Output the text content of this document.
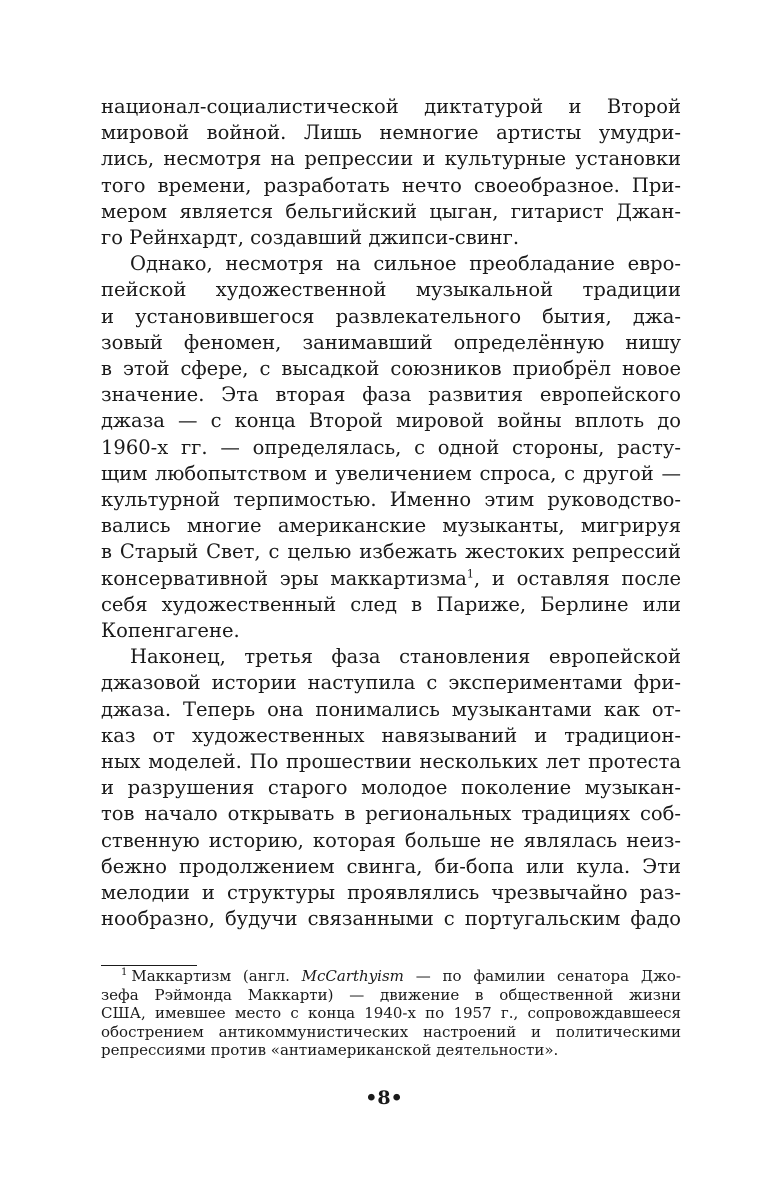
национал-социалистической диктатурой и Второй
мировой войной. Лишь немногие артисты умудри-
лись, несмотря на репрессии и культурные установки
того времени, разработать нечто своеобразное. При-
мером является бельгийский цыган, гитарист Джан-
го Рейнхардт, создавший джипси-свинг.
Однако, несмотря на сильное преобладание евро-
пейской художественной музыкальной традиции
и установившегося развлекательного бытия, джа-
зовый феномен, занимавший определённую нишу
в этой сфере, с высадкой союзников приобрёл новое
значение. Эта вторая фаза развития европейского
джаза — с конца Второй мировой войны вплоть до
1960-х гг. — определялась, с одной стороны, расту-
щим любопытством и увеличением спроса, с другой —
культурной терпимостью. Именно этим руководство-
вались многие американские музыканты, мигрируя
в Старый Свет, с целью избежать жестоких репрессий
консервативной эры маккартизма$^1$, и оставляя после
себя художественный след в Париже, Берлине или
Копенгагене.
Наконец, третья фаза становления европейской
джазовой истории наступила с экспериментами фри-
джаза. Теперь она понимались музыкантами как от-
каз от художественных навязываний и традицион-
ных моделей. По прошествии нескольких лет протеста
и разрушения старого молодое поколение музыкан-
тов начало открывать в региональных традициях соб-
ственную историю, которая больше не являлась неиз-
бежно продолжением свинга, би-бопа или кула. Эти
мелодии и структуры проявлялись чрезвычайно раз-
нообразно, будучи связанными с португальским фадо
$^1$ Маккартизм (англ. McCarthyism — по фамилии сенатора Джо-
зефа Рэймонда Маккарти) — движение в общественной жизни
США, имевшее место с конца 1940-х по 1957 г., сопровождавшееся
обострением антикоммунистических настроений и политическими
репрессиями против «антиамериканской деятельности».
•8•
